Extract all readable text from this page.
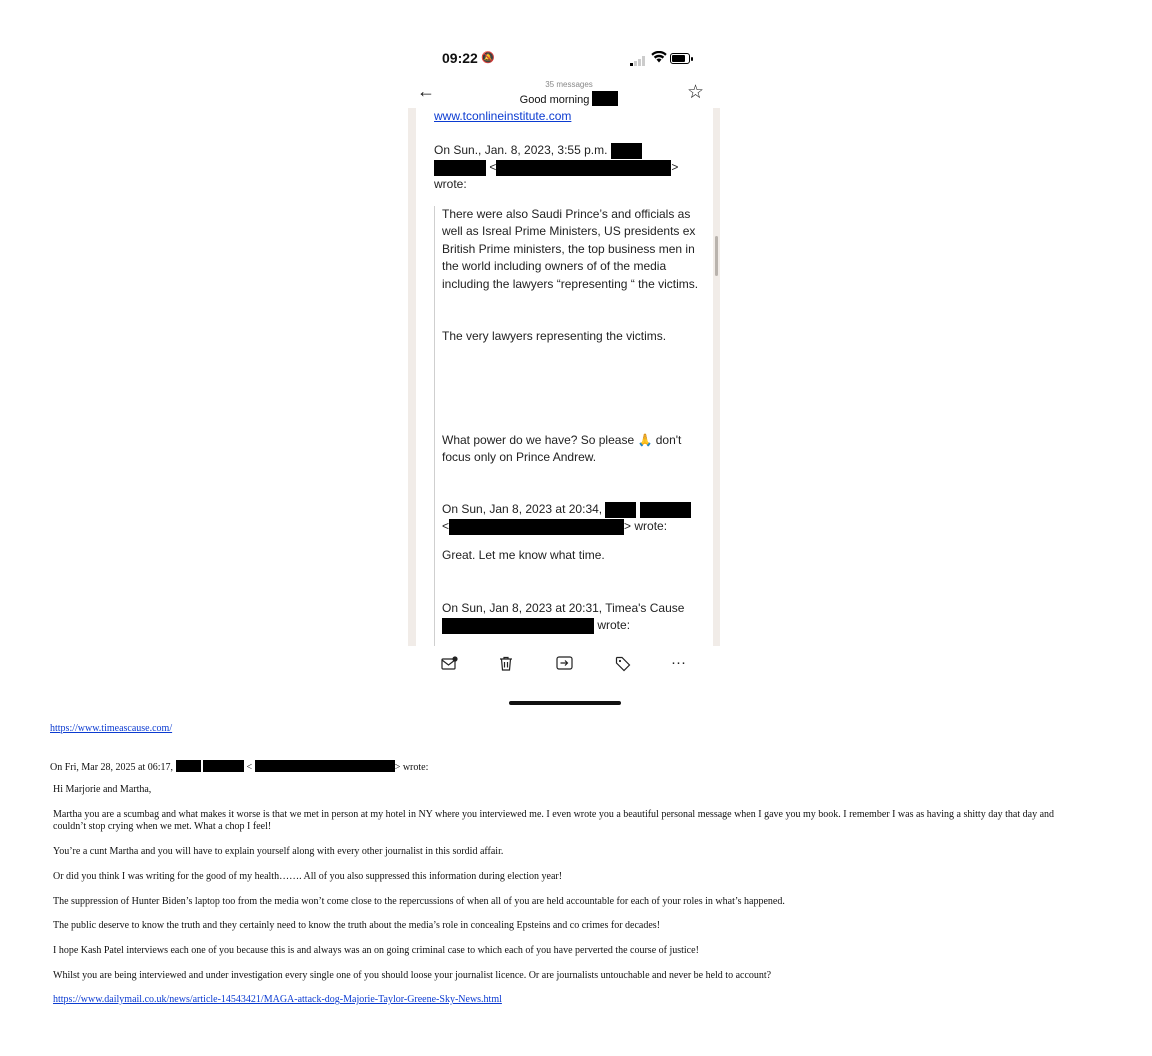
09:22 🔕
←	35 messages
Good morning	☆
www.tconlineinstitute.com
On Sun., Jan. 8, 2023, 3:55 p.m.
<	>
wrote:
There were also Saudi Prince’s and officials as well as Isreal Prime Ministers, US presidents ex British Prime ministers, the top business men in the world including owners of of the media including the lawyers “representing “ the victims.
The very lawyers representing the victims.
What power do we have? So please 🙏 don't focus only on Prince Andrew.
On Sun, Jan 8, 2023 at 20:34,
<	> wrote:
Great. Let me know what time.
On Sun, Jan 8, 2023 at 20:31, Timea's Cause
wrote:
···
https://www.timeascause.com/
On Fri, Mar 28, 2025 at 06:17,	<	> wrote:
Hi Marjorie and Martha,
Martha you are a scumbag and what makes it worse is that we met in person at my hotel in NY where you interviewed me. I even wrote you a beautiful personal message when I gave you my book. I remember I was as having a shitty day that day and couldn’t stop crying when we met. What a chop I feel!
You’re a cunt Martha and you will have to explain yourself along with every other journalist in this sordid affair.
Or did you think I was writing for the good of my health……. All of you also suppressed this information during election year!
The suppression of Hunter Biden’s laptop too from the media won’t come close to the repercussions of when all of you are held accountable for each of your roles in what’s happened.
The public deserve to know the truth and they certainly need to know the truth about the media’s role in concealing Epsteins and co crimes for decades!
I hope Kash Patel interviews each one of you because this is and always was an on going criminal case to which each of you have perverted the course of justice!
Whilst you are being interviewed and under investigation every single one of you should loose your journalist licence. Or are journalists untouchable and never be held to account?
https://www.dailymail.co.uk/news/article-14543421/MAGA-attack-dog-Majorie-Taylor-Greene-Sky-News.html
